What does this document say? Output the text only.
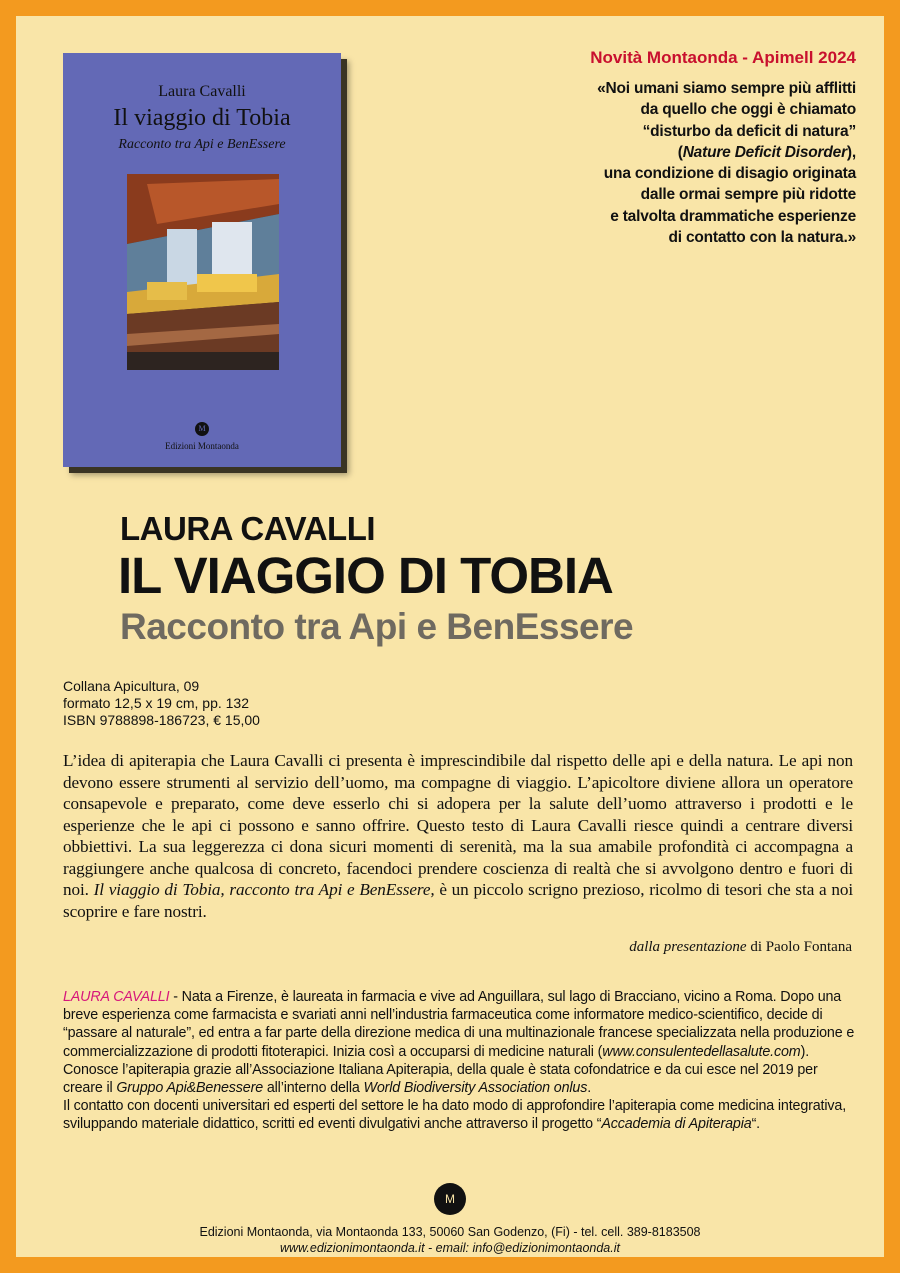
Laura Cavalli
Il viaggio di Tobia
Racconto tra Api e BenEssere
M
Edizioni Montaonda
Novità Montaonda - Apimell 2024
«Noi umani siamo sempre più afflitti
da quello che oggi è chiamato
“disturbo da deficit di natura”
(Nature Deficit Disorder),
una condizione di disagio originata
dalle ormai sempre più ridotte
e talvolta drammatiche esperienze
di contatto con la natura.»
LAURA CAVALLI
IL VIAGGIO DI TOBIA
Racconto tra Api e BenEssere
Collana Apicultura, 09
formato 12,5 x 19 cm, pp. 132
ISBN 9788898-186723, € 15,00
L’idea di apiterapia che Laura Cavalli ci presenta è imprescindibile dal rispetto delle api e della natura. Le api non devono essere strumenti al servizio dell’uomo, ma compagne di viaggio. L’apicoltore diviene allora un operatore consapevole e preparato, come deve esserlo chi si adopera per la salute dell’uomo attraverso i prodotti e le esperienze che le api ci possono e sanno offrire. Questo testo di Laura Cavalli riesce quindi a centrare diversi obbiettivi. La sua leggerezza ci dona sicuri momenti di serenità, ma la sua amabile profondità ci accompagna a raggiungere anche qualcosa di concreto, facendoci prendere coscienza di realtà che si avvolgono dentro e fuori di noi. Il viaggio di Tobia, racconto tra Api e BenEssere, è un piccolo scrigno prezioso, ricolmo di tesori che sta a noi scoprire e fare nostri.
dalla presentazione di Paolo Fontana
LAURA CAVALLI - Nata a Firenze, è laureata in farmacia e vive ad Anguillara, sul lago di Bracciano, vicino a Roma. Dopo una breve esperienza come farmacista e svariati anni nell’industria farmaceutica come informatore medico-scientifico, decide di “passare al naturale”, ed entra a far parte della direzione medica di una multinazionale francese specializzata nella produzione e commercializzazione di prodotti fitoterapici. Inizia così a occuparsi di medicine naturali (www.consulentedellasalute.com). Conosce l’apiterapia grazie all’Associazione Italiana Apiterapia, della quale è stata cofondatrice e da cui esce nel 2019 per creare il Gruppo Api&Benessere all’interno della World Biodiversity Association onlus.
Il contatto con docenti universitari ed esperti del settore le ha dato modo di approfondire l’apiterapia come medicina integrativa, sviluppando materiale didattico, scritti ed eventi divulgativi anche attraverso il progetto “Accademia di Apiterapia“.
M
Edizioni Montaonda, via Montaonda 133, 50060 San Godenzo, (Fi) - tel. cell. 389-8183508
www.edizionimontaonda.it - email: info@edizionimontaonda.it
